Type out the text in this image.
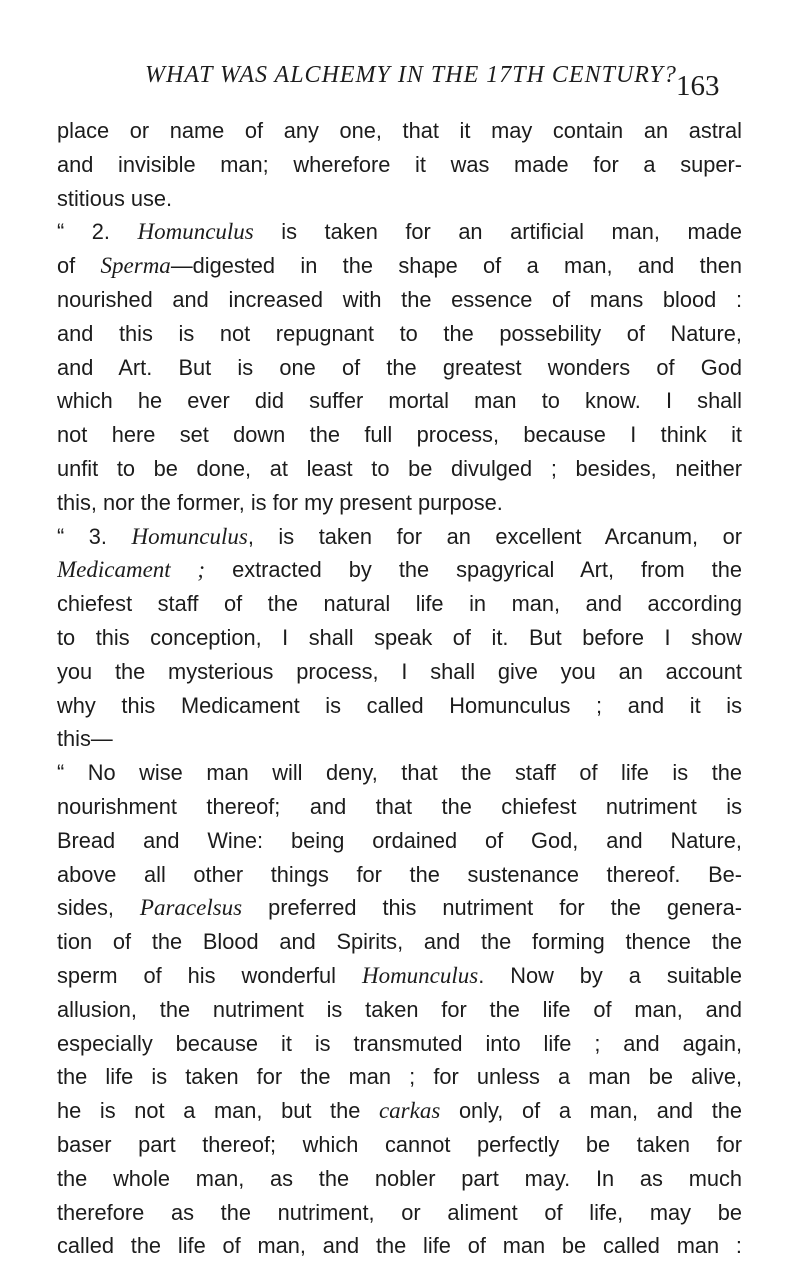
WHAT WAS ALCHEMY IN THE 17TH CENTURY? 163
place or name of any one, that it may contain an astral
and invisible man; wherefore it was made for a super-
stitious use.
“ 2. Homunculus is taken for an artificial man, made
of Sperma—digested in the shape of a man, and then
nourished and increased with the essence of mans blood :
and this is not repugnant to the possebility of Nature,
and Art. But is one of the greatest wonders of God
which he ever did suffer mortal man to know. I shall
not here set down the full process, because I think it
unfit to be done, at least to be divulged ; besides, neither
this, nor the former, is for my present purpose.
“ 3. Homunculus, is taken for an excellent Arcanum, or
Medicament ; extracted by the spagyrical Art, from the
chiefest staff of the natural life in man, and according
to this conception, I shall speak of it. But before I show
you the mysterious process, I shall give you an account
why this Medicament is called Homunculus ; and it is
this—
“ No wise man will deny, that the staff of life is the
nourishment thereof; and that the chiefest nutriment is
Bread and Wine: being ordained of God, and Nature,
above all other things for the sustenance thereof. Be-
sides, Paracelsus preferred this nutriment for the genera-
tion of the Blood and Spirits, and the forming thence the
sperm of his wonderful Homunculus. Now by a suitable
allusion, the nutriment is taken for the life of man, and
especially because it is transmuted into life ; and again,
the life is taken for the man ; for unless a man be alive,
he is not a man, but the carkas only, of a man, and the
baser part thereof; which cannot perfectly be taken for
the whole man, as the nobler part may. In as much
therefore as the nutriment, or aliment of life, may be
called the life of man, and the life of man be called man :
